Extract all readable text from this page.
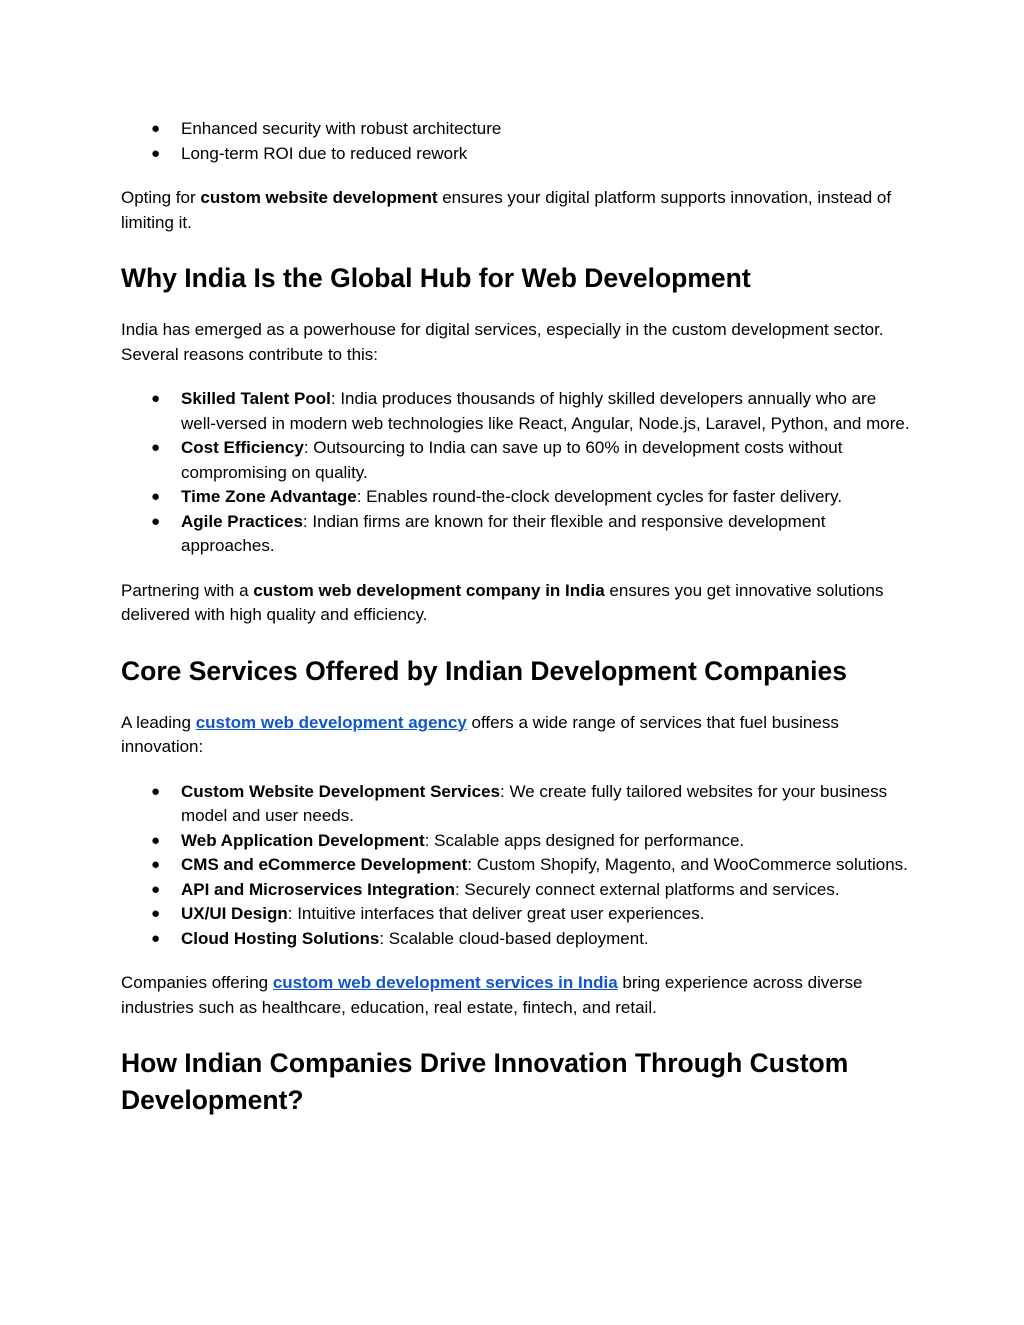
● Enhanced security with robust architecture
● Long-term ROI due to reduced rework

Opting for custom website development ensures your digital platform supports innovation, instead of limiting it.

Why India Is the Global Hub for Web Development

India has emerged as a powerhouse for digital services, especially in the custom development sector. Several reasons contribute to this:

● Skilled Talent Pool: India produces thousands of highly skilled developers annually who are well-versed in modern web technologies like React, Angular, Node.js, Laravel, Python, and more.
● Cost Efficiency: Outsourcing to India can save up to 60% in development costs without compromising on quality.
● Time Zone Advantage: Enables round-the-clock development cycles for faster delivery.
● Agile Practices: Indian firms are known for their flexible and responsive development approaches.

Partnering with a custom web development company in India ensures you get innovative solutions delivered with high quality and efficiency.

Core Services Offered by Indian Development Companies

A leading custom web development agency offers a wide range of services that fuel business innovation:

● Custom Website Development Services: We create fully tailored websites for your business model and user needs.
● Web Application Development: Scalable apps designed for performance.
● CMS and eCommerce Development: Custom Shopify, Magento, and WooCommerce solutions.
● API and Microservices Integration: Securely connect external platforms and services.
● UX/UI Design: Intuitive interfaces that deliver great user experiences.
● Cloud Hosting Solutions: Scalable cloud-based deployment.

Companies offering custom web development services in India bring experience across diverse industries such as healthcare, education, real estate, fintech, and retail.

How Indian Companies Drive Innovation Through Custom Development?
